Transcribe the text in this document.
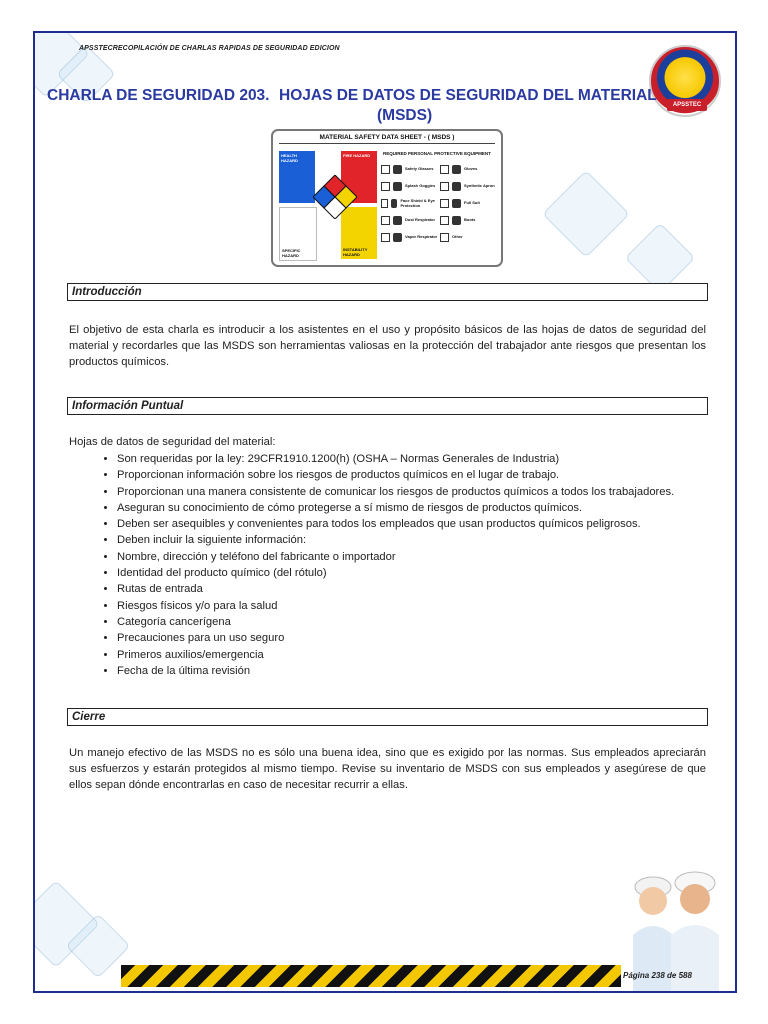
APSSTECRECOPILACIÓN DE CHARLAS RAPIDAS DE SEGURIDAD EDICION
APSSTEC
CHARLA DE SEGURIDAD 203. HOJAS DE DATOS DE SEGURIDAD DEL MATERIAL
(MSDS)
MATERIAL SAFETY DATA SHEET - ( MSDS )
HEALTH HAZARD
FIRE HAZARD
SPECIFIC HAZARD
INSTABILITY HAZARD
REQUIRED PERSONAL PROTECTIVE EQUIPMENT
Safety Glasses	Gloves
Splash Goggles	Synthetic Apron
Face Shield & Eye Protection	Full Suit
Dust Respirator	Boots
Vapor Respirator	Other
Introducción
El objetivo de esta charla es introducir a los asistentes en el uso y propósito básicos de las hojas de datos de seguridad del material y recordarles que las MSDS son herramientas valiosas en la protección del trabajador ante riesgos que presentan los productos químicos.
Información Puntual
Hojas de datos de seguridad del material:
• Son requeridas por la ley: 29CFR1910.1200(h) (OSHA – Normas Generales de Industria)
• Proporcionan información sobre los riesgos de productos químicos en el lugar de trabajo.
• Proporcionan una manera consistente de comunicar los riesgos de productos químicos a todos los trabajadores.
• Aseguran su conocimiento de cómo protegerse a sí mismo de riesgos de productos químicos.
• Deben ser asequibles y convenientes para todos los empleados que usan productos químicos peligrosos.
• Deben incluir la siguiente información:
• Nombre, dirección y teléfono del fabricante o importador
• Identidad del producto químico (del rótulo)
• Rutas de entrada
• Riesgos físicos y/o para la salud
• Categoría cancerígena
• Precauciones para un uso seguro
• Primeros auxilios/emergencia
• Fecha de la última revisión
Cierre
Un manejo efectivo de las MSDS no es sólo una buena idea, sino que es exigido por las normas. Sus empleados apreciarán sus esfuerzos y estarán protegidos al mismo tiempo. Revise su inventario de MSDS con sus empleados y asegúrese de que ellos sepan dónde encontrarlas en caso de necesitar recurrir a ellas.
Página 238 de 588
